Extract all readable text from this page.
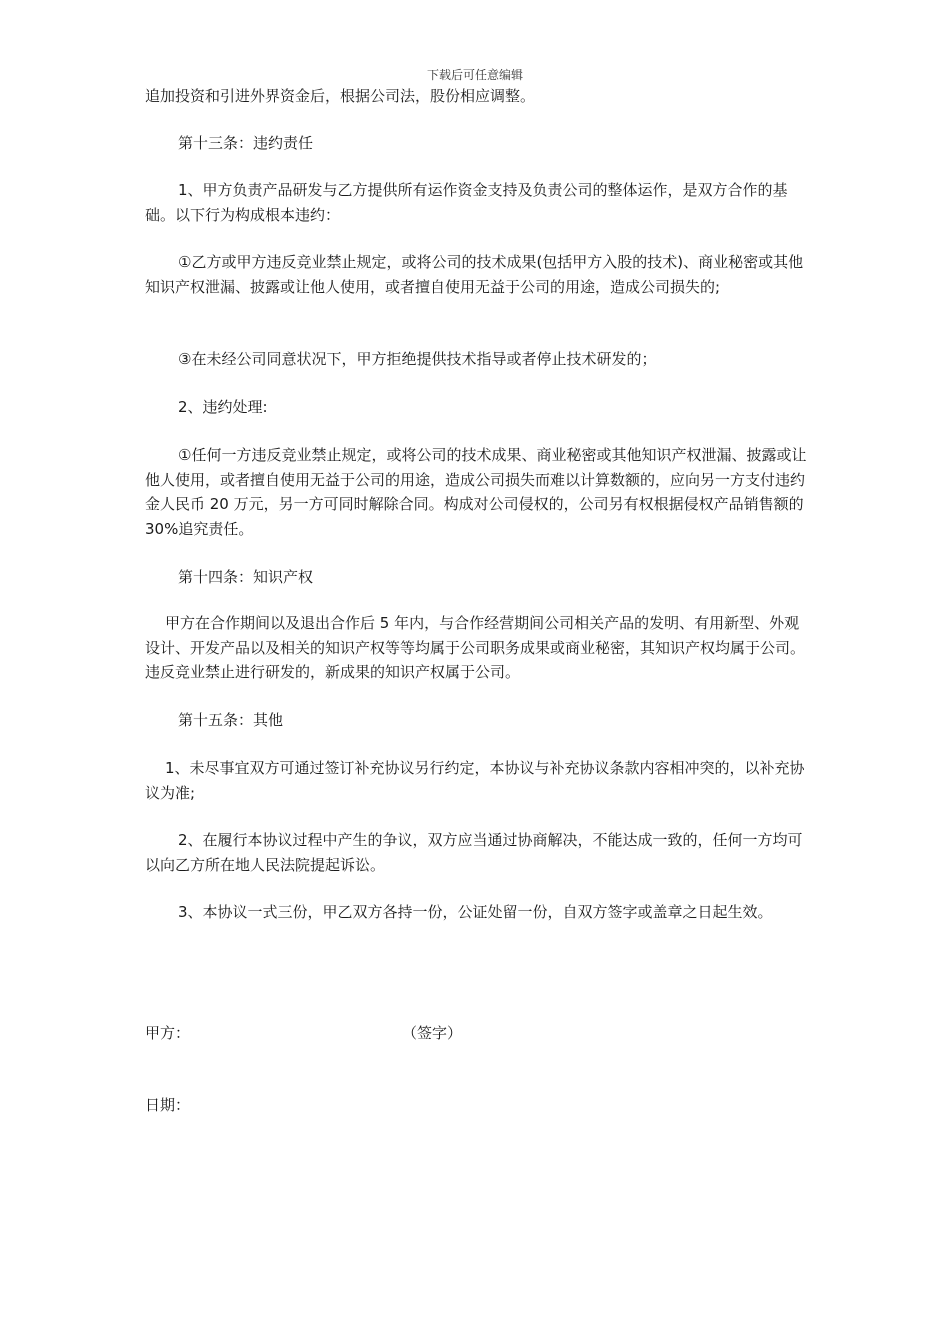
下载后可任意编辑

追加投资和引进外界资金后，根据公司法，股份相应调整。

第十三条：违约责任

1、甲方负责产品研发与乙方提供所有运作资金支持及负责公司的整体运作，是双方合作的基础。以下行为构成根本违约：

①乙方或甲方违反竞业禁止规定，或将公司的技术成果(包括甲方入股的技术)、商业秘密或其他知识产权泄漏、披露或让他人使用，或者擅自使用无益于公司的用途，造成公司损失的;

③在未经公司同意状况下，甲方拒绝提供技术指导或者停止技术研发的；

2、违约处理:

①任何一方违反竞业禁止规定，或将公司的技术成果、商业秘密或其他知识产权泄漏、披露或让他人使用，或者擅自使用无益于公司的用途，造成公司损失而难以计算数额的，应向另一方支付违约金人民币 20 万元，另一方可同时解除合同。构成对公司侵权的，公司另有权根据侵权产品销售额的 30%追究责任。

第十四条：知识产权

甲方在合作期间以及退出合作后 5 年内，与合作经营期间公司相关产品的发明、有用新型、外观设计、开发产品以及相关的知识产权等等均属于公司职务成果或商业秘密，其知识产权均属于公司。违反竞业禁止进行研发的，新成果的知识产权属于公司。

第十五条：其他

1、未尽事宜双方可通过签订补充协议另行约定，本协议与补充协议条款内容相冲突的，以补充协议为准;

2、在履行本协议过程中产生的争议，双方应当通过协商解决，不能达成一致的，任何一方均可以向乙方所在地人民法院提起诉讼。

3、本协议一式三份，甲乙双方各持一份，公证处留一份，自双方签字或盖章之日起生效。

甲方：	（签字）
日期：
